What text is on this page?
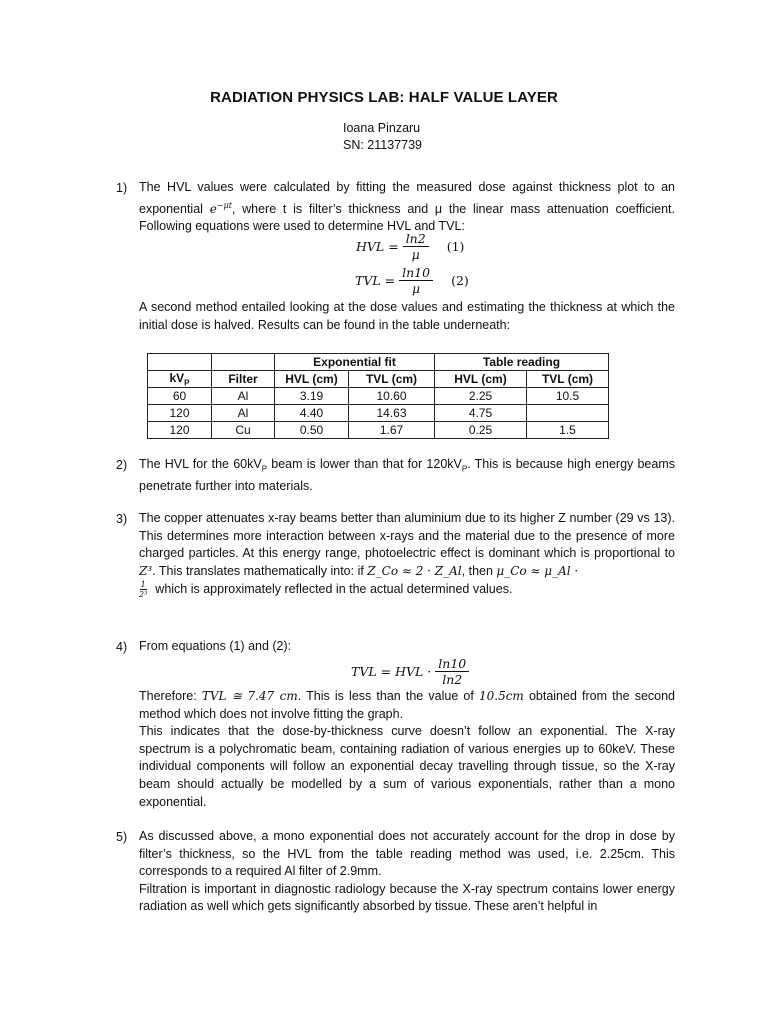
RADIATION PHYSICS LAB: HALF VALUE LAYER
Ioana Pinzaru
SN: 21137739
1) The HVL values were calculated by fitting the measured dose against thickness plot to an exponential $e^{-\mu t}$, where t is filter’s thickness and μ the linear mass attenuation coefficient. Following equations were used to determine HVL and TVL:

HVL = $\frac{\ln 2}{\mu} (1)$
TVL = $\frac{\ln 10}{\mu} (2)$

A second method entailed looking at the dose values and estimating the thickness at which the initial dose is halved. Results can be found in the table underneath:

		Exponential fit		Table reading	
$kV_P$	Filter	HVL (cm)	TVL (cm)	HVL (cm)	TVL (cm)
60	Al	3.19	10.60	2.25	10.5
120	Al	4.40	14.63	4.75	
120	Cu	0.50	1.67	0.25	1.5
2) The HVL for the $60kV_P$ beam is lower than that for $120kV_P$. This is because high energy beams penetrate further into materials.

3) The copper attenuates x-ray beams better than aluminium due to its higher Z number (29 vs 13). This determines more interaction between x-rays and the material due to the presence of more charged particles. At this energy range, photoelectric effect is dominant which is proportional to Z³. This translates mathematically into: if Z_Co ≈ 2 · Z_Al, then μ_Co ≈ μ_Al ·

$\frac{1}{\text{2³}}$ which is approximately reflected in the actual determined values.

4) From equations (1) and (2):

TVL = HVL · $\frac{\ln 10}{\ln 2}$

Therefore: TVL ≅ 7.47 cm. This is less than the value of 10.5cm obtained from the second method which does not involve fitting the graph.

This indicates that the dose-by-thickness curve doesn’t follow an exponential. The X-ray spectrum is a polychromatic beam, containing radiation of various energies up to 60keV. These individual components will follow an exponential decay travelling through tissue, so the X-ray beam should actually be modelled by a sum of various exponentials, rather than a mono exponential.

5) As discussed above, a mono exponential does not accurately account for the drop in dose by filter’s thickness, so the HVL from the table reading method was used, i.e. 2.25cm. This corresponds to a required Al filter of 2.9mm.

Filtration is important in diagnostic radiology because the X-ray spectrum contains lower energy radiation as well which gets significantly absorbed by tissue. These aren’t helpful in
